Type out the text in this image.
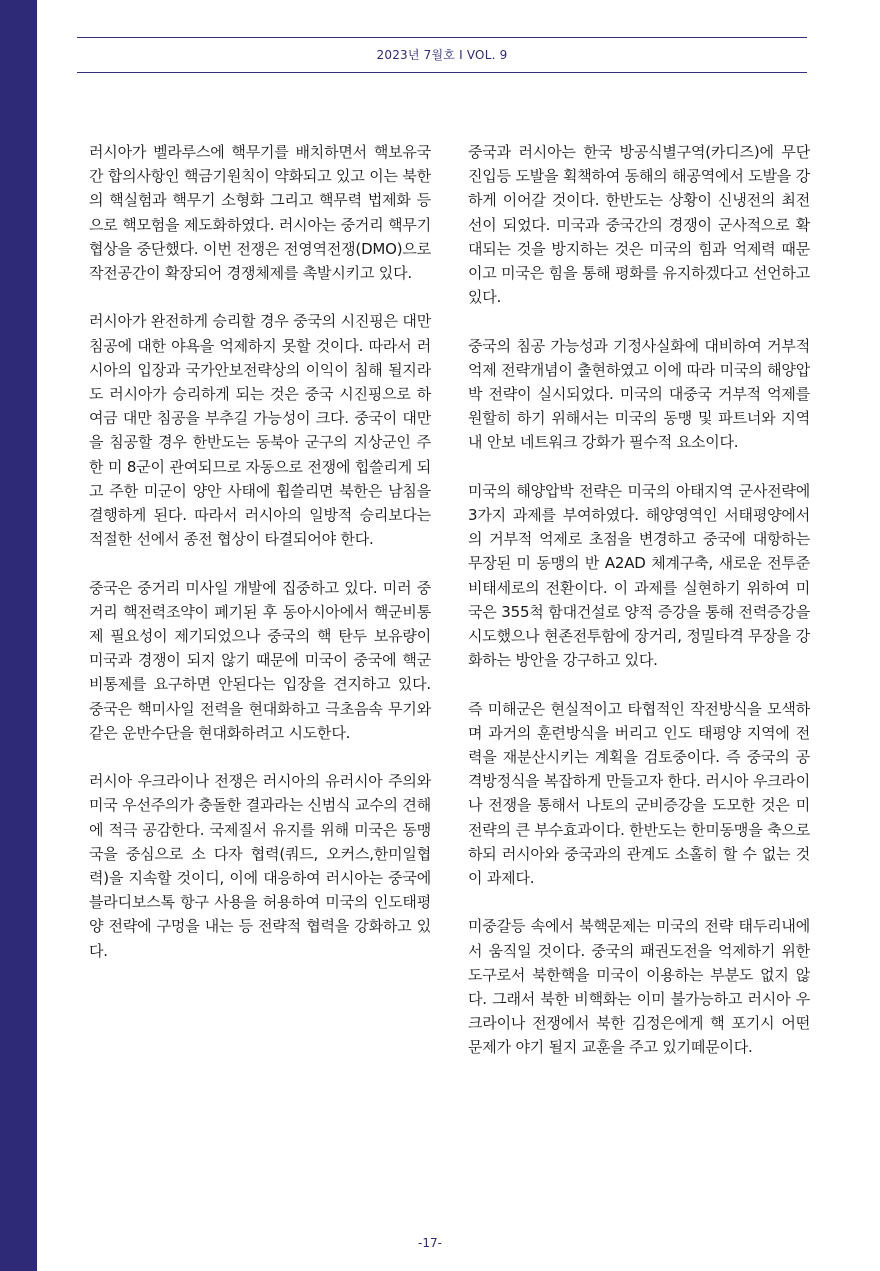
2023년 7월호 I VOL. 9

러시아가 벨라루스에 핵무기를 배치하면서 핵보유국간 합의사항인 핵금기원칙이 약화되고 있고 이는 북한의 핵실험과 핵무기 소형화 그리고 핵무력 법제화 등으로 핵모험을 제도화하였다. 러시아는 중거리 핵무기 협상을 중단했다. 이번 전쟁은 전영역전쟁(DMO)으로 작전공간이 확장되어 경쟁체제를 촉발시키고 있다.

러시아가 완전하게 승리할 경우 중국의 시진핑은 대만침공에 대한 야욕을 억제하지 못할 것이다. 따라서 러시아의 입장과 국가안보전략상의 이익이 침해 될지라도 러시아가 승리하게 되는 것은 중국 시진핑으로 하여금 대만 침공을 부추길 가능성이 크다. 중국이 대만을 침공할 경우 한반도는 동북아 군구의 지상군인 주한 미 8군이 관여되므로 자동으로 전쟁에 힙쓸리게 되고 주한 미군이 양안 사태에 휩쓸리면 북한은 남침을 결행하게 된다. 따라서 러시아의 일방적 승리보다는 적절한 선에서 종전 협상이 타결되어야 한다.

중국은 중거리 미사일 개발에 집중하고 있다. 미러 중거리 핵전력조약이 폐기된 후 동아시아에서 핵군비통제 필요성이 제기되었으나 중국의 핵 탄두 보유량이 미국과 경쟁이 되지 않기 때문에 미국이 중국에 핵군비통제를 요구하면 안된다는 입장을 견지하고 있다. 중국은 핵미사일 전력을 현대화하고 극초음속 무기와 같은 운반수단을 현대화하려고 시도한다.

러시아 우크라이나 전쟁은 러시아의 유러시아 주의와 미국 우선주의가 충돌한 결과라는 신범식 교수의 견해에 적극 공감한다. 국제질서 유지를 위해 미국은 동맹국을 중심으로 소 다자 협력(쿼드, 오커스,한미일협력)을 지속할 것이디, 이에 대응하여 러시아는 중국에 블라디보스톡 항구 사용을 허용하여 미국의 인도태평양 전략에 구멍을 내는 등 전략적 협력을 강화하고 있다.

중국과 러시아는 한국 방공식별구역(카디즈)에 무단 진입등 도발을 획책하여 동해의 해공역에서 도발을 강하게 이어갈 것이다. 한반도는 상황이 신냉전의 최전선이 되었다. 미국과 중국간의 경쟁이 군사적으로 확대되는 것을 방지하는 것은 미국의 힘과 억제력 때문이고 미국은 힘을 통해 평화를 유지하겠다고 선언하고 있다.

중국의 침공 가능성과 기정사실화에 대비하여 거부적 억제 전략개념이 출현하였고 이에 따라 미국의 해양압박 전략이 실시되었다. 미국의 대중국 거부적 억제를 원할히 하기 위해서는 미국의 동맹 및 파트너와 지역내 안보 네트워크 강화가 필수적 요소이다.

미국의 해양압박 전략은 미국의 아태지역 군사전략에 3가지 과제를 부여하였다. 해양영역인 서태평양에서의 거부적 억제로 초점을 변경하고 중국에 대항하는 무장된 미 동맹의 반 A2AD 체계구축, 새로운 전투준비태세로의 전환이다. 이 과제를 실현하기 위하여 미국은 355척 함대건설로 양적 증강을 통해 전력증강을 시도했으나 현존전투함에 장거리, 정밀타격 무장을 강화하는 방안을 강구하고 있다.

즉 미해군은 현실적이고 타협적인 작전방식을 모색하며 과거의 훈련방식을 버리고 인도 태평양 지역에 전력을 재분산시키는 계획을 검토중이다. 즉 중국의 공격방정식을 복잡하게 만들고자 한다. 러시아 우크라이나 전쟁을 통해서 나토의 군비증강을 도모한 것은 미 전략의 큰 부수효과이다. 한반도는 한미동맹을 축으로 하되 러시아와 중국과의 관계도 소홀히 할 수 없는 것이 과제다.

미중갈등 속에서 북핵문제는 미국의 전략 태두리내에서 움직일 것이다. 중국의 패권도전을 억제하기 위한 도구로서 북한핵을 미국이 이용하는 부분도 없지 않다. 그래서 북한 비핵화는 이미 불가능하고 러시아 우크라이나 전쟁에서 북한 김정은에게 핵 포기시 어떤 문제가 야기 될지 교훈을 주고 있기떼문이다.

-17-
